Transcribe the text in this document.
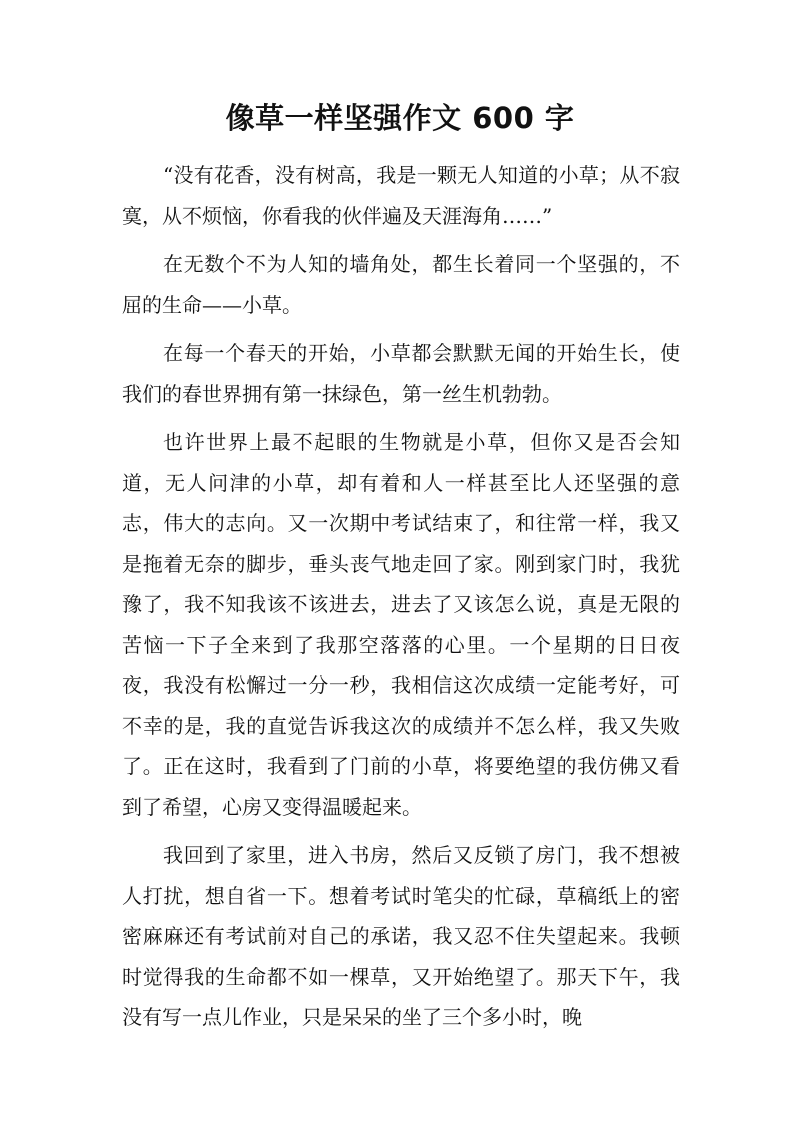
像草一样坚强作文 600 字

“没有花香，没有树高，我是一颗无人知道的小草；从不寂寞，从不烦恼，你看我的伙伴遍及天涯海角……”

在无数个不为人知的墙角处，都生长着同一个坚强的，不屈的生命——小草。

在每一个春天的开始，小草都会默默无闻的开始生长，使我们的春世界拥有第一抹绿色，第一丝生机勃勃。

也许世界上最不起眼的生物就是小草，但你又是否会知道，无人问津的小草，却有着和人一样甚至比人还坚强的意志，伟大的志向。又一次期中考试结束了，和往常一样，我又是拖着无奈的脚步，垂头丧气地走回了家。刚到家门时，我犹豫了，我不知我该不该进去，进去了又该怎么说，真是无限的苦恼一下子全来到了我那空落落的心里。一个星期的日日夜夜，我没有松懈过一分一秒，我相信这次成绩一定能考好，可不幸的是，我的直觉告诉我这次的成绩并不怎么样，我又失败了。正在这时，我看到了门前的小草，将要绝望的我仿佛又看到了希望，心房又变得温暖起来。

我回到了家里，进入书房，然后又反锁了房门，我不想被人打扰，想自省一下。想着考试时笔尖的忙碌，草稿纸上的密密麻麻还有考试前对自己的承诺，我又忍不住失望起来。我顿时觉得我的生命都不如一棵草，又开始绝望了。那天下午，我没有写一点儿作业，只是呆呆的坐了三个多小时，晚
